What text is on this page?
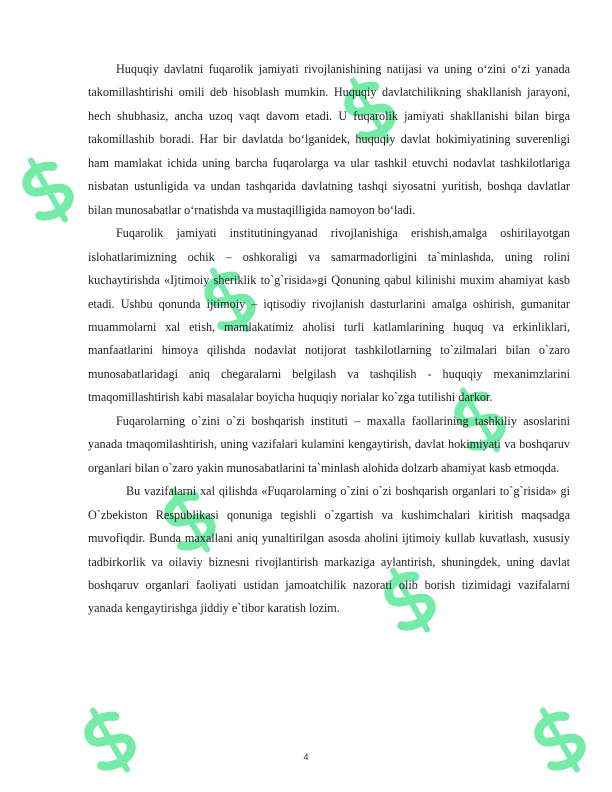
Huquqiy davlatni fuqarolik jamiyati rivojlanishining natijasi va uning o‘zini o‘zi yanada takomillashtirishi omili deb hisoblash mumkin. Huquqiy davlatchilikning shakllanish jarayoni, hech shubhasiz, ancha uzoq vaqt davom etadi. U fuqarolik jamiyati shakllanishi bilan birga takomillashib boradi. Har bir davlatda bo‘lganidek, huquqiy davlat hokimiyatining suverenligi ham mamlakat ichida uning barcha fuqarolarga va ular tashkil etuvchi nodavlat tashkilotlariga nisbatan ustunligida va undan tashqarida davlatning tashqi siyosatni yuritish, boshqa davlatlar bilan munosabatlar o‘rnatishda va mustaqilligida namoyon bo‘ladi.

Fuqarolik jamiyati institutiningyanad rivojlanishiga erishish,amalga oshirilayotgan islohatlarimizning ochik – oshkoraligi va samarmadorligini ta`minlashda, uning rolini kuchaytirishda «Ijtimoiy sheriklik to`g`risida»gi Qonuning qabul kilinishi muxim ahamiyat kasb etadi. Ushbu qonunda ijtimoiy – iqtisodiy rivojlanish dasturlarini amalga oshirish, gumanitar muammolarni xal etish, mamlakatimiz aholisi turli katlamlarining huquq va erkinliklari, manfaatlarini himoya qilishda nodavlat notijorat tashkilotlarning to`zilmalari bilan o`zaro munosabatlaridagi aniq chegaralarni belgilash va tashqilish - huquqiy mexanimzlarini tmaqomillashtirish kabi masalalar boyicha huquqiy norialar ko`zga tutilishi darkor.

Fuqarolarning o`zini o`zi boshqarish instituti – maxalla faollarining tashkiliy asoslarini yanada tmaqomilashtirish, uning vazifalari kulamini kengaytirish, davlat hokimiyati va boshqaruv organlari bilan o`zaro yakin munosabatlarini ta`minlash alohida dolzarb ahamiyat kasb etmoqda.

Bu vazifalarni xal qilishda «Fuqarolarning o`zini o`zi boshqarish organlari to`g`risida» gi O`zbekiston Respublikasi qonuniga tegishli o`zgartish va kushimchalari kiritish maqsadga muvofiqdir. Bunda maxallani aniq yunaltirilgan asosda aholini ijtimoiy kullab kuvatlash, xususiy tadbirkorlik va oilaviy biznesni rivojlantirish markaziga aylantirish, shuningdek, uning davlat boshqaruv organlari faoliyati ustidan jamoatchilik nazorati olib borish tizimidagi vazifalarni yanada kengaytirishga jiddiy e`tibor karatish lozim.

4
